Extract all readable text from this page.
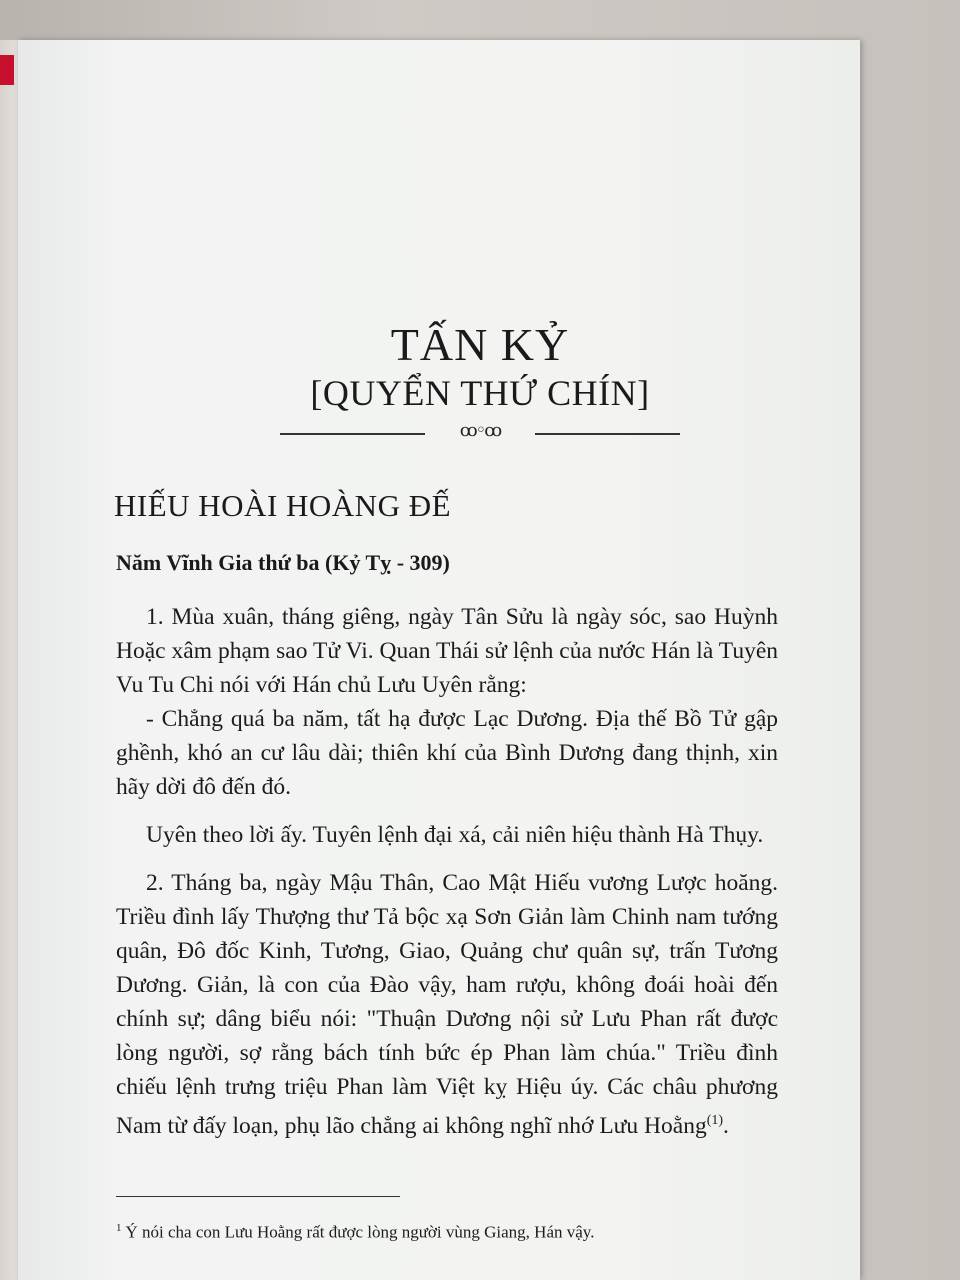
TẤN KỶ
[QUYỂN THỨ CHÍN]
ꝏ◦ꝏ
HIẾU HOÀI HOÀNG ĐẾ
Năm Vĩnh Gia thứ ba (Kỷ Tỵ - 309)

1. Mùa xuân, tháng giêng, ngày Tân Sửu là ngày sóc, sao Huỳnh Hoặc xâm phạm sao Tử Vi. Quan Thái sử lệnh của nước Hán là Tuyên Vu Tu Chi nói với Hán chủ Lưu Uyên rằng:

- Chẳng quá ba năm, tất hạ được Lạc Dương. Địa thế Bồ Tử gập ghềnh, khó an cư lâu dài; thiên khí của Bình Dương đang thịnh, xin hãy dời đô đến đó.

Uyên theo lời ấy. Tuyên lệnh đại xá, cải niên hiệu thành Hà Thụy.

2. Tháng ba, ngày Mậu Thân, Cao Mật Hiếu vương Lược hoăng. Triều đình lấy Thượng thư Tả bộc xạ Sơn Giản làm Chinh nam tướng quân, Đô đốc Kinh, Tương, Giao, Quảng chư quân sự, trấn Tương Dương. Giản, là con của Đào vậy, ham rượu, không đoái hoài đến chính sự; dâng biểu nói: "Thuận Dương nội sử Lưu Phan rất được lòng người, sợ rằng bách tính bức ép Phan làm chúa." Triều đình chiếu lệnh trưng triệu Phan làm Việt kỵ Hiệu úy. Các châu phương Nam từ đấy loạn, phụ lão chẳng ai không nghĩ nhớ Lưu Hoằng$^{(1)}$.

$^1$ Ý nói cha con Lưu Hoằng rất được lòng người vùng Giang, Hán vậy.
